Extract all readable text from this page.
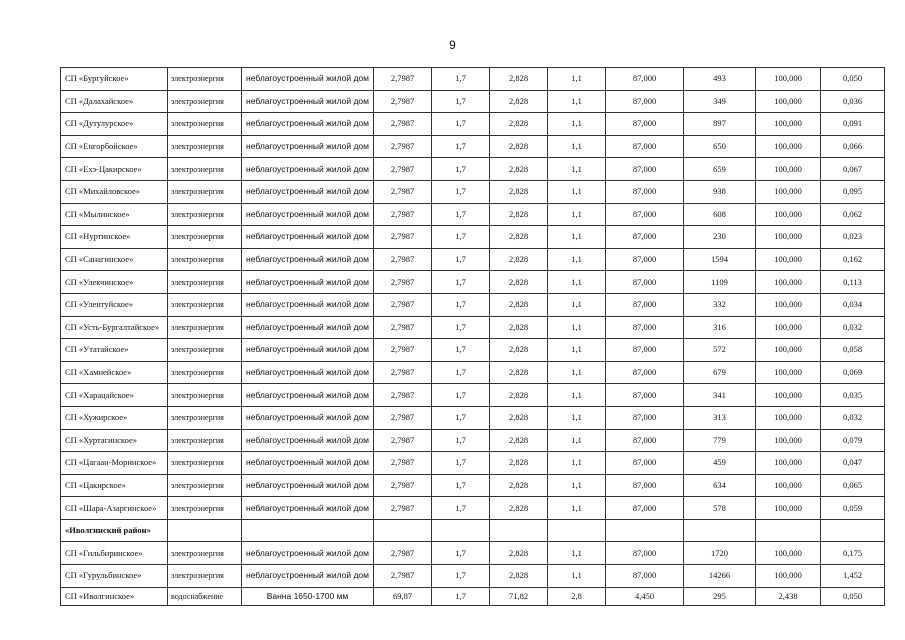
9
СП «Бургуйское»	электроэнергия	неблагоустроенный жилой дом	2,7987	1,7	2,828	1,1	87,000	493	100,000	0,050
СП «Далахайское»	электроэнергия	неблагоустроенный жилой дом	2,7987	1,7	2,828	1,1	87,000	349	100,000	0,036
СП «Дутулурское»	электроэнергия	неблагоустроенный жилой дом	2,7987	1,7	2,828	1,1	87,000	897	100,000	0,091
СП «Енгорбойское»	электроэнергия	неблагоустроенный жилой дом	2,7987	1,7	2,828	1,1	87,000	650	100,000	0,066
СП «Ехэ-Цакирское»	электроэнергия	неблагоустроенный жилой дом	2,7987	1,7	2,828	1,1	87,000	659	100,000	0,067
СП «Михайловское»	электроэнергия	неблагоустроенный жилой дом	2,7987	1,7	2,828	1,1	87,000	938	100,000	0,095
СП «Мылинское»	электроэнергия	неблагоустроенный жилой дом	2,7987	1,7	2,828	1,1	87,000	608	100,000	0,062
СП «Нуртинское»	электроэнергия	неблагоустроенный жилой дом	2,7987	1,7	2,828	1,1	87,000	230	100,000	0,023
СП «Санагинское»	электроэнергия	неблагоустроенный жилой дом	2,7987	1,7	2,828	1,1	87,000	1594	100,000	0,162
СП «Улекчинское»	электроэнергия	неблагоустроенный жилой дом	2,7987	1,7	2,828	1,1	87,000	1109	100,000	0,113
СП «Улентуйское»	электроэнергия	неблагоустроенный жилой дом	2,7987	1,7	2,828	1,1	87,000	332	100,000	0,034
СП «Усть-Бургалтайское»	электроэнергия	неблагоустроенный жилой дом	2,7987	1,7	2,828	1,1	87,000	316	100,000	0,032
СП «Утатайское»	электроэнергия	неблагоустроенный жилой дом	2,7987	1,7	2,828	1,1	87,000	572	100,000	0,058
СП «Хамнейское»	электроэнергия	неблагоустроенный жилой дом	2,7987	1,7	2,828	1,1	87,000	679	100,000	0,069
СП «Харацайское»	электроэнергия	неблагоустроенный жилой дом	2,7987	1,7	2,828	1,1	87,000	341	100,000	0,035
СП «Хужирское»	электроэнергия	неблагоустроенный жилой дом	2,7987	1,7	2,828	1,1	87,000	313	100,000	0,032
СП «Хуртагинское»	электроэнергия	неблагоустроенный жилой дом	2,7987	1,7	2,828	1,1	87,000	779	100,000	0,079
СП «Цагаан-Моринское»	электроэнергия	неблагоустроенный жилой дом	2,7987	1,7	2,828	1,1	87,000	459	100,000	0,047
СП «Цакирское»	электроэнергия	неблагоустроенный жилой дом	2,7987	1,7	2,828	1,1	87,000	634	100,000	0,065
СП «Шара-Азаргинское»	электроэнергия	неблагоустроенный жилой дом	2,7987	1,7	2,828	1,1	87,000	578	100,000	0,059
«Иволгинский район»										
СП «Гильбиринское»	электроэнергия	неблагоустроенный жилой дом	2,7987	1,7	2,828	1,1	87,000	1720	100,000	0,175
СП «Гурульбинское»	электроэнергия	неблагоустроенный жилой дом	2,7987	1,7	2,828	1,1	87,000	14266	100,000	1,452
СП «Иволгинское»	водоснабжение	Ванна 1650-1700 мм	69,87	1,7	71,82	2,8	4,450	295	2,438	0,050
